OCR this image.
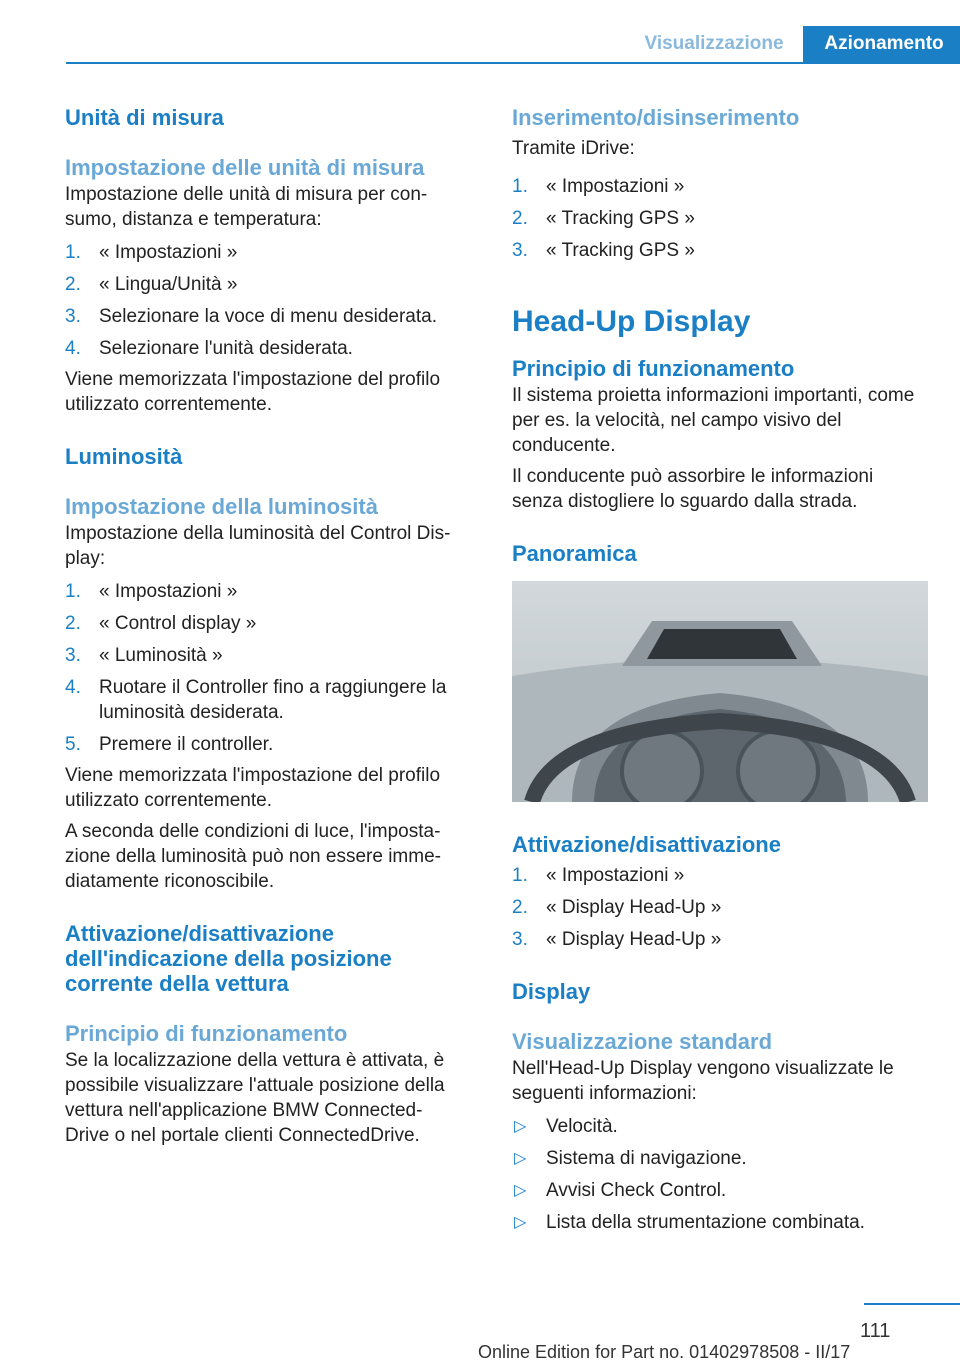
Visualizzazione	Azionamento
Unità di misura
Impostazione delle unità di misura

Impostazione delle unità di misura per con‐ sumo, distanza e temperatura:

1. « Impostazioni »
2. « Lingua/Unità »
3. Selezionare la voce di menu desiderata.
4. Selezionare l'unità desiderata.

Viene memorizzata l'impostazione del profilo utilizzato correntemente.

Luminosità
Impostazione della luminosità

Impostazione della luminosità del Control Dis‐ play:

1. « Impostazioni »
2. « Control display »
3. « Luminosità »
4. Ruotare il Controller fino a raggiungere la luminosità desiderata.
5. Premere il controller.

Viene memorizzata l'impostazione del profilo utilizzato correntemente.

A seconda delle condizioni di luce, l'imposta‐ zione della luminosità può non essere imme‐ diatamente riconoscibile.

Attivazione/disattivazione dell'indicazione della posizione corrente della vettura
Principio di funzionamento

Se la localizzazione della vettura è attivata, è possibile visualizzare l'attuale posizione della vettura nell'applicazione BMW Connected‐ Drive o nel portale clienti ConnectedDrive.

Inserimento/disinserimento

Tramite iDrive:

1. « Impostazioni »
2. « Tracking GPS »
3. « Tracking GPS »
Head-Up Display
Principio di funzionamento

Il sistema proietta informazioni importanti, come per es. la velocità, nel campo visivo del conducente.

Il conducente può assorbire le informazioni senza distogliere lo sguardo dalla strada.

Panoramica
Attivazione/disattivazione
1. « Impostazioni »
2. « Display Head-Up »
3. « Display Head-Up »
Display
Visualizzazione standard

Nell'Head-Up Display vengono visualizzate le seguenti informazioni:

▷ Velocità.
▷ Sistema di navigazione.
▷ Avvisi Check Control.
▷ Lista della strumentazione combinata.
111
Online Edition for Part no. 01402978508 - II/17
